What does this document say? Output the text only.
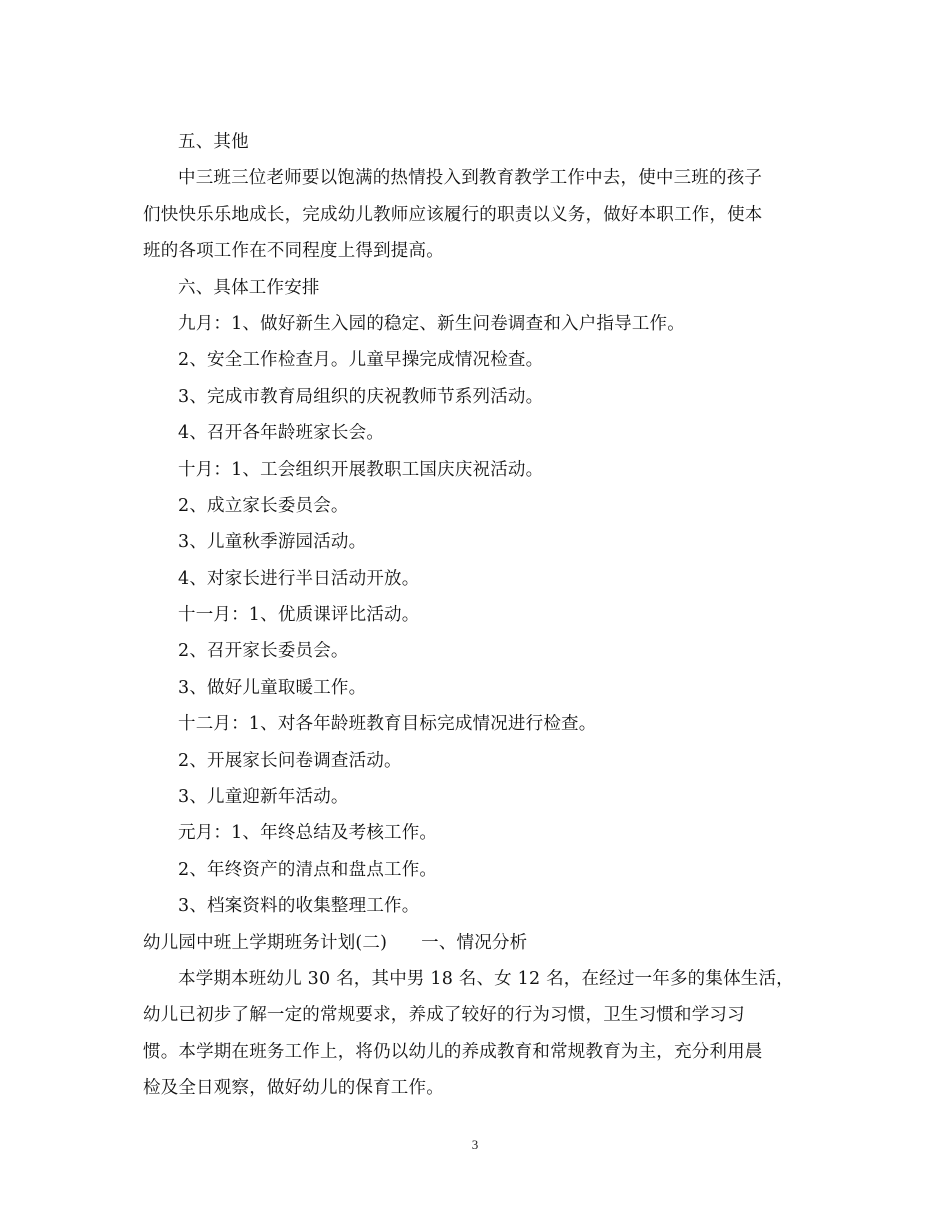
五、其他
中三班三位老师要以饱满的热情投入到教育教学工作中去，使中三班的孩子
们快快乐乐地成长，完成幼儿教师应该履行的职责以义务，做好本职工作，使本
班的各项工作在不同程度上得到提高。
六、具体工作安排
九月：1、做好新生入园的稳定、新生问卷调查和入户指导工作。
2、安全工作检查月。儿童早操完成情况检查。
3、完成市教育局组织的庆祝教师节系列活动。
4、召开各年龄班家长会。
十月：1、工会组织开展教职工国庆庆祝活动。
2、成立家长委员会。
3、儿童秋季游园活动。
4、对家长进行半日活动开放。
十一月：1、优质课评比活动。
2、召开家长委员会。
3、做好儿童取暖工作。
十二月：1、对各年龄班教育目标完成情况进行检查。
2、开展家长问卷调查活动。
3、儿童迎新年活动。
元月：1、年终总结及考核工作。
2、年终资产的清点和盘点工作。
3、档案资料的收集整理工作。
幼儿园中班上学期班务计划(二) 一、情况分析
本学期本班幼儿 30 名，其中男 18 名、女 12 名，在经过一年多的集体生活，
幼儿已初步了解一定的常规要求，养成了较好的行为习惯，卫生习惯和学习习
惯。本学期在班务工作上，将仍以幼儿的养成教育和常规教育为主，充分利用晨
检及全日观察，做好幼儿的保育工作。
3
